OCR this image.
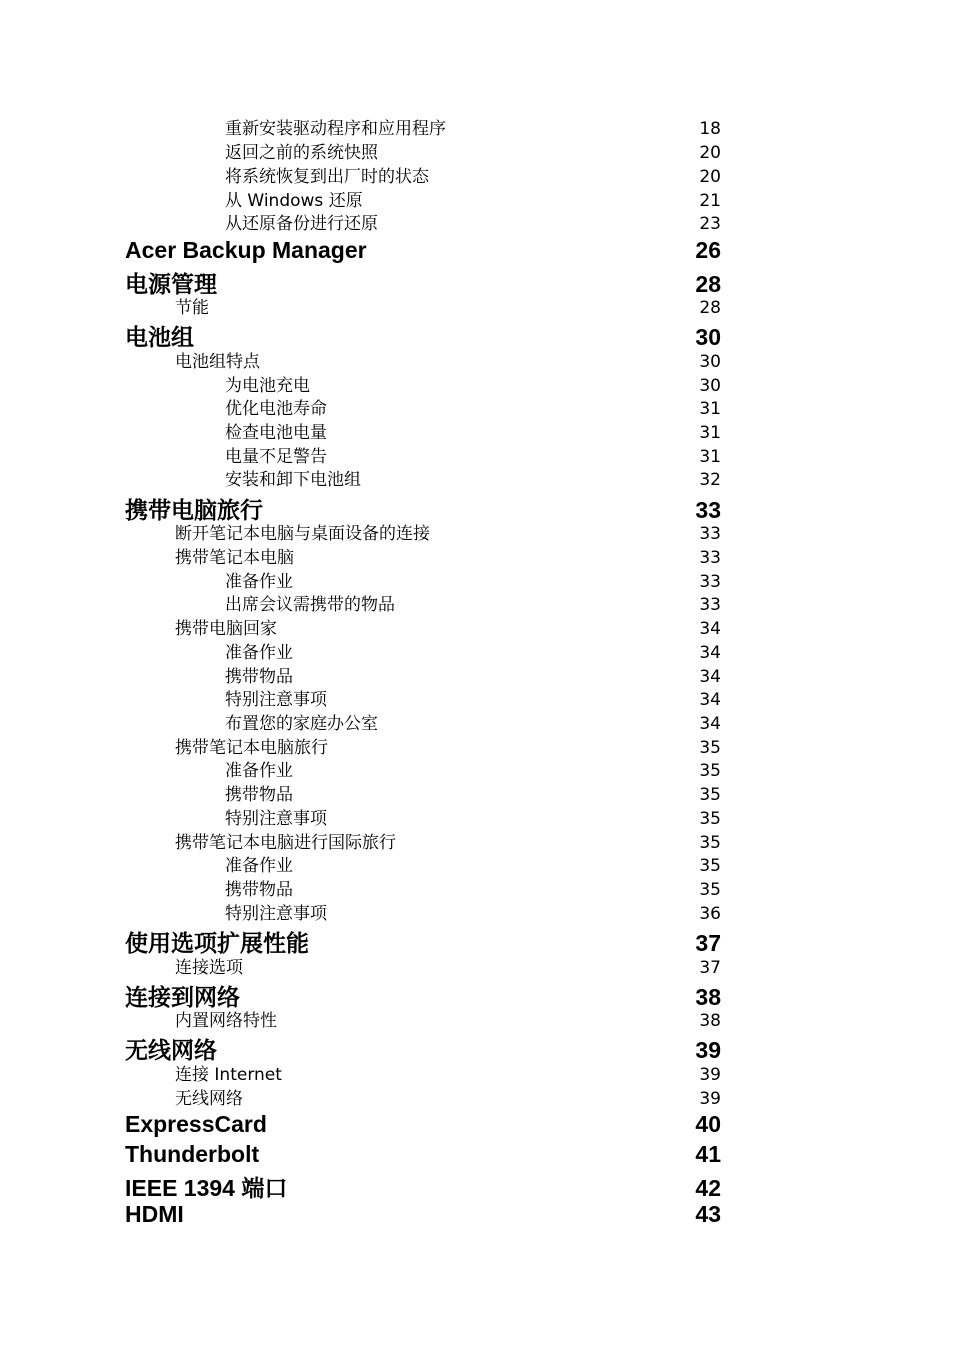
重新安装驱动程序和应用程序	18
返回之前的系统快照	20
将系统恢复到出厂时的状态	20
从 Windows 还原	21
从还原备份进行还原	23
Acer Backup Manager	26
电源管理	28
节能	28
电池组	30
电池组特点	30
为电池充电	30
优化电池寿命	31
检查电池电量	31
电量不足警告	31
安装和卸下电池组	32
携带电脑旅行	33
断开笔记本电脑与桌面设备的连接	33
携带笔记本电脑	33
准备作业	33
出席会议需携带的物品	33
携带电脑回家	34
准备作业	34
携带物品	34
特别注意事项	34
布置您的家庭办公室	34
携带笔记本电脑旅行	35
准备作业	35
携带物品	35
特别注意事项	35
携带笔记本电脑进行国际旅行	35
准备作业	35
携带物品	35
特别注意事项	36
使用选项扩展性能	37
连接选项	37
连接到网络	38
内置网络特性	38
无线网络	39
连接 Internet	39
无线网络	39
ExpressCard	40
Thunderbolt	41
IEEE 1394 端口	42
HDMI	43
